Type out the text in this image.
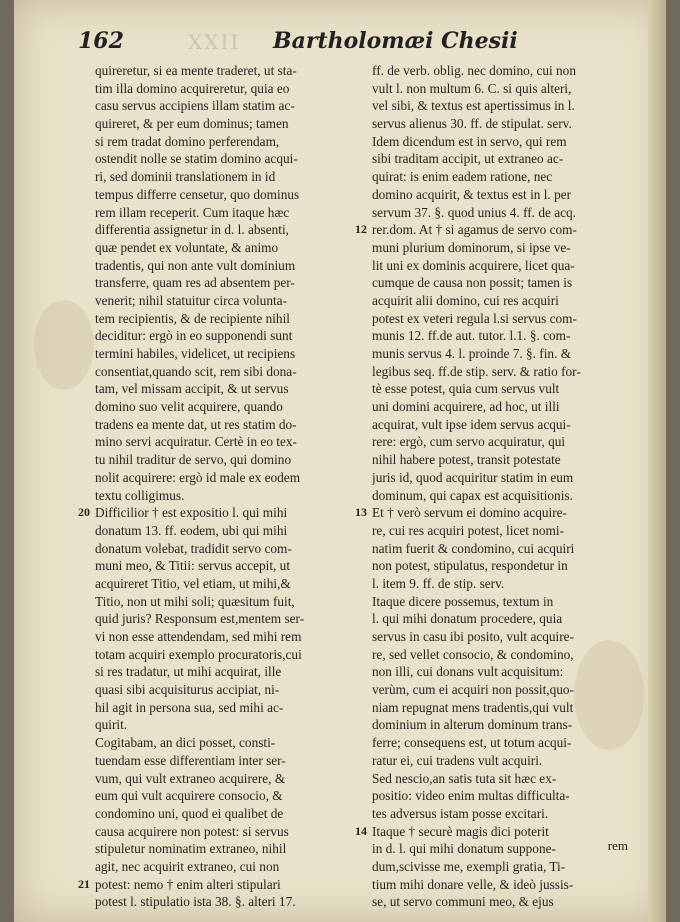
162	XXII Bartholomæi Chesii
quireretur, si ea mente traderet, ut sta-
tim illa domino acquireretur, quia eo
casu servus accipiens illam statim ac-
quireret, & per eum dominus; tamen
si rem tradat domino perferendam,
ostendit nolle se statim domino acqui-
ri, sed dominii translationem in id
tempus differre censetur, quo dominus
rem illam receperit. Cum itaque hæc
differentia assignetur in d. l. absenti,
quæ pendet ex voluntate, & animo
tradentis, qui non ante vult dominium
transferre, quam res ad absentem per-
venerit; nihil statuitur circa volunta-
tem recipientis, & de recipiente nihil
deciditur: ergò in eo supponendi sunt
termini habiles, videlicet, ut recipiens
consentiat,quando scit, rem sibi dona-
tam, vel missam accipit, & ut servus
domino suo velit acquirere, quando
tradens ea mente dat, ut res statim do-
mino servi acquiratur. Certè in eo tex-
tu nihil traditur de servo, qui domino
nolit acquirere: ergò id male ex eodem
textu colligimus.
20 Difficilior † est expositio l. qui mihi
donatum 13. ff. eodem, ubi qui mihi
donatum volebat, tradidit servo com-
muni meo, & Titii: servus accepit, ut
acquireret Titio, vel etiam, ut mihi,&
Titio, non ut mihi soli; quæsitum fuit,
quid juris? Responsum est,mentem ser-
vi non esse attendendam, sed mihi rem
totam acquiri exemplo procuratoris,cui
si res tradatur, ut mihi acquirat, ille
quasi sibi acquisiturus accipiat, ni-
hil agit in persona sua, sed mihi ac-
quirit.
Cogitabam, an dici posset, consti-
tuendam esse differentiam inter ser-
vum, qui vult extraneo acquirere, &
eum qui vult acquirere consocio, &
condomino uni, quod ei qualibet de
causa acquirere non potest: si servus
stipuletur nominatim extraneo, nihil
agit, nec acquirit extraneo, cui non
21 potest: nemo † enim alteri stipulari
potest l. stipulatio ista 38. §. alteri 17.
ff. de verb. oblig. nec domino, cui non
vult l. non multum 6. C. si quis alteri,
vel sibi, & textus est apertissimus in l.
servus alienus 30. ff. de stipulat. serv.
Idem dicendum est in servo, qui rem
sibi traditam accipit, ut extraneo ac-
quirat: is enim eadem ratione, nec
domino acquirit, & textus est in l. per
servum 37. §. quod unius 4. ff. de acq.
12 rer.dom. At † si agamus de servo com-
muni plurium dominorum, si ipse ve-
lit uni ex dominis acquirere, licet qua-
cumque de causa non possit; tamen is
acquirit alii domino, cui res acquiri
potest ex veteri regula l.si servus com-
munis 12. ff.de aut. tutor. l.1. §. com-
munis servus 4. l. proinde 7. §. fin. &
legibus seq. ff.de stip. serv. & ratio for-
tè esse potest, quia cum servus vult
uni domini acquirere, ad hoc, ut illi
acquirat, vult ipse idem servus acqui-
rere: ergò, cum servo acquiratur, qui
nihil habere potest, transit potestate
juris id, quod acquiritur statim in eum
dominum, qui capax est acquisitionis.
13 Et † verò servum ei domino acquire-
re, cui res acquiri potest, licet nomi-
natim fuerit & condomino, cui acquiri
non potest, stipulatus, respondetur in
l. item 9. ff. de stip. serv.
Itaque dicere possemus, textum in
l. qui mihi donatum procedere, quia
servus in casu ibi posito, vult acquire-
re, sed vellet consocio, & condomino,
non illi, cui donans vult acquisitum:
verùm, cum ei acquiri non possit,quo-
niam repugnat mens tradentis,qui vult
dominium in alterum dominum trans-
ferre; consequens est, ut totum acqui-
ratur ei, cui tradens vult acquiri.
Sed nescio,an satis tuta sit hæc ex-
positio: video enim multas difficulta-
tes adversus istam posse excitari.
14 Itaque † securè magis dici poterit
in d. l. qui mihi donatum suppone-
dum,scivisse me, exempli gratia, Ti-
tium mihi donare velle, & ideò jussis-
se, ut servo communi meo, & ejus
rem
